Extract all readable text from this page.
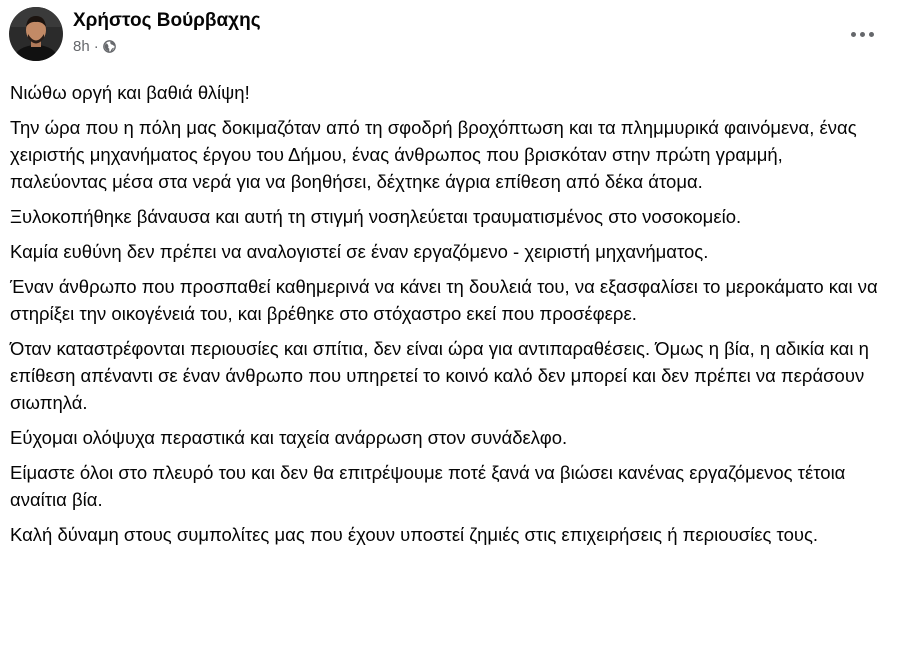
Χρήστος Βούρβαχης
8h ·

Νιώθω οργή και βαθιά θλίψη!

Την ώρα που η πόλη μας δοκιμαζόταν από τη σφοδρή βροχόπτωση και τα πλημμυρικά φαινόμενα, ένας χειριστής μηχανήματος έργου του Δήμου, ένας άνθρωπος που βρισκόταν στην πρώτη γραμμή, παλεύοντας μέσα στα νερά για να βοηθήσει, δέχτηκε άγρια επίθεση από δέκα άτομα.

Ξυλοκοπήθηκε βάναυσα και αυτή τη στιγμή νοσηλεύεται τραυματισμένος στο νοσοκομείο.

Καμία ευθύνη δεν πρέπει να αναλογιστεί σε έναν εργαζόμενο - χειριστή μηχανήματος.

Έναν άνθρωπο που προσπαθεί καθημερινά να κάνει τη δουλειά του, να εξασφαλίσει το μεροκάματο και να στηρίξει την οικογένειά του, και βρέθηκε στο στόχαστρο εκεί που προσέφερε.

Όταν καταστρέφονται περιουσίες και σπίτια, δεν είναι ώρα για αντιπαραθέσεις. Όμως η βία, η αδικία και η επίθεση απέναντι σε έναν άνθρωπο που υπηρετεί το κοινό καλό δεν μπορεί και δεν πρέπει να περάσουν σιωπηλά.

Εύχομαι ολόψυχα περαστικά και ταχεία ανάρρωση στον συνάδελφο.

Είμαστε όλοι στο πλευρό του και δεν θα επιτρέψουμε ποτέ ξανά να βιώσει κανένας εργαζόμενος τέτοια αναίτια βία.

Καλή δύναμη στους συμπολίτες μας που έχουν υποστεί ζημιές στις επιχειρήσεις ή περιουσίες τους.
